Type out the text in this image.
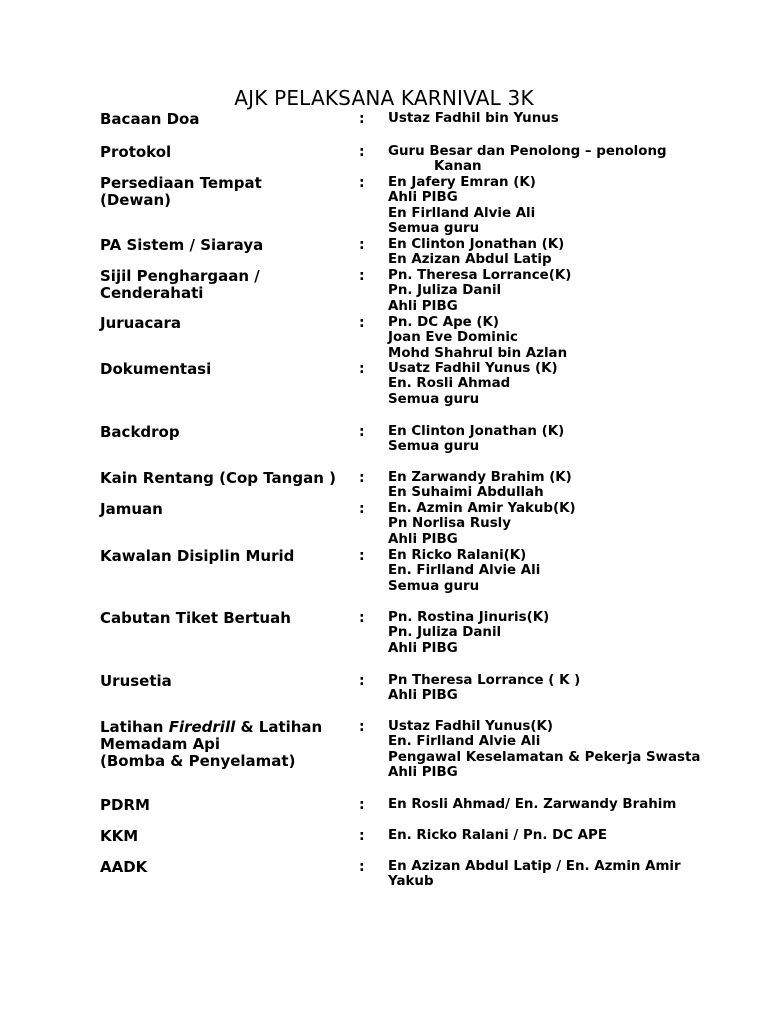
AJK PELAKSANA KARNIVAL 3K
Bacaan Doa	: Ustaz Fadhil bin Yunus
Protokol	: Guru Besar dan Penolong – penolong
Kanan
Persediaan Tempat
(Dewan)
: En Jafery Emran (K)
Ahli PIBG
En Firlland Alvie Ali
Semua guru
PA Sistem / Siaraya	: En Clinton Jonathan (K)
En Azizan Abdul Latip
Sijil Penghargaan /
Cenderahati
: Pn. Theresa Lorrance(K)
Pn. Juliza Danil
Ahli PIBG
Juruacara	: Pn. DC Ape (K)
Joan Eve Dominic
Mohd Shahrul bin Azlan
Dokumentasi	: Usatz Fadhil Yunus (K)
En. Rosli Ahmad
Semua guru
Backdrop	: En Clinton Jonathan (K)
Semua guru
Kain Rentang (Cop Tangan )	: En Zarwandy Brahim (K)
En Suhaimi Abdullah
Jamuan	: En. Azmin Amir Yakub(K)
Pn Norlisa Rusly
Ahli PIBG
Kawalan Disiplin Murid	: En Ricko Ralani(K)
En. Firlland Alvie Ali
Semua guru
Cabutan Tiket Bertuah	: Pn. Rostina Jinuris(K)
Pn. Juliza Danil
Ahli PIBG
Urusetia	: Pn Theresa Lorrance ( K )
Ahli PIBG
Latihan Firedrill & Latihan
Memadam Api
(Bomba & Penyelamat)
: Ustaz Fadhil Yunus(K)
En. Firlland Alvie Ali
Pengawal Keselamatan & Pekerja Swasta
Ahli PIBG
PDRM	: En Rosli Ahmad/ En. Zarwandy Brahim
KKM	: En. Ricko Ralani / Pn. DC APE
AADK	: En Azizan Abdul Latip / En. Azmin Amir
Yakub
